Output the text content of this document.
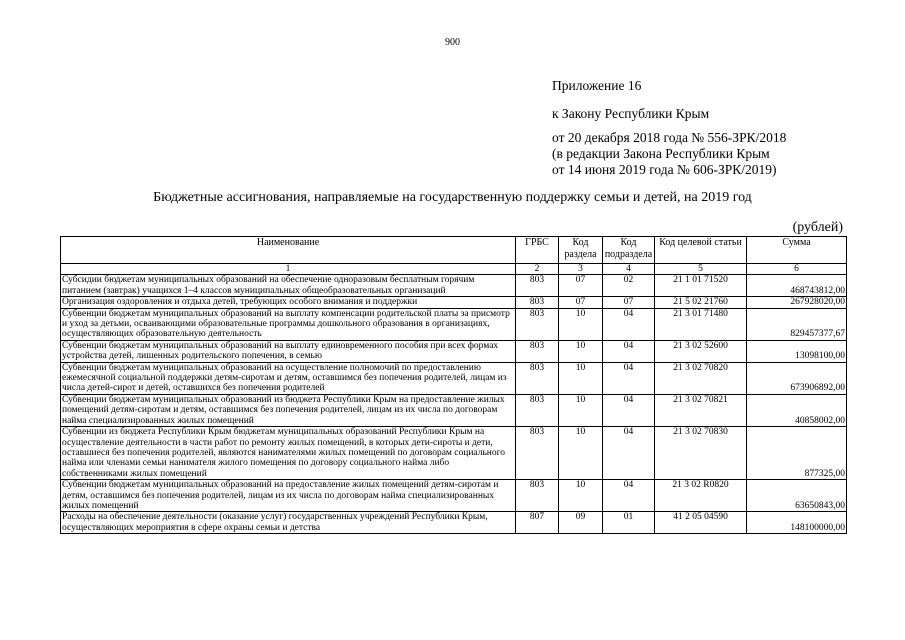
900
Приложение 16
к Закону Республики Крым
от 20 декабря 2018 года № 556-ЗРК/2018
(в редакции Закона Республики Крым
от 14 июня 2019 года № 606-ЗРК/2019)
Бюджетные ассигнования, направляемые на государственную поддержку семьи и детей, на 2019 год
(рублей)
Наименование	ГРБС	Код раздела	Код подраздела	Код целевой статьи	Сумма
1	2	3	4	5	6
Субсидии бюджетам муниципальных образований на обеспечение одноразовым бесплатным горячим питанием (завтрак) учащихся 1–4 классов муниципальных общеобразовательных организаций	803	07	02	21 1 01 71520	468743812,00
Организация оздоровления и отдыха детей, требующих особого внимания и поддержки	803	07	07	21 5 02 21760	267928020,00
Субвенции бюджетам муниципальных образований на выплату компенсации родительской платы за присмотр и уход за детьми, осваивающими образовательные программы дошкольного образования в организациях, осуществляющих образовательную деятельность	803	10	04	21 3 01 71480	829457377,67
Субвенции бюджетам муниципальных образований на выплату единовременного пособия при всех формах устройства детей, лишенных родительского попечения, в семью	803	10	04	21 3 02 52600	13098100,00
Субвенции бюджетам муниципальных образований на осуществление полномочий по предоставлению ежемесячной социальной поддержки детям-сиротам и детям, оставшимся без попечения родителей, лицам из числа детей-сирот и детей, оставшихся без попечения родителей	803	10	04	21 3 02 70820	673906892,00
Субвенции бюджетам муниципальных образований из бюджета Республики Крым на предоставление жилых помещений детям-сиротам и детям, оставшимся без попечения родителей, лицам из их числа по договорам найма специализированных жилых помещений	803	10	04	21 3 02 70821	40858002,00
Субвенции из бюджета Республики Крым бюджетам муниципальных образований Республики Крым на осуществление деятельности в части работ по ремонту жилых помещений, в которых дети-сироты и дети, оставшиеся без попечения родителей, являются нанимателями жилых помещений по договорам социального найма или членами семьи нанимателя жилого помещения по договору социального найма либо собственниками жилых помещений	803	10	04	21 3 02 70830	877325,00
Субвенции бюджетам муниципальных образований на предоставление жилых помещений детям-сиротам и детям, оставшимся без попечения родителей, лицам из их числа по договорам найма специализированных жилых помещений	803	10	04	21 3 02 R0820	63650843,00
Расходы на обеспечение деятельности (оказание услуг) государственных учреждений Республики Крым, осуществляющих мероприятия в сфере охраны семьи и детства	807	09	01	41 2 05 04590	148100000,00
